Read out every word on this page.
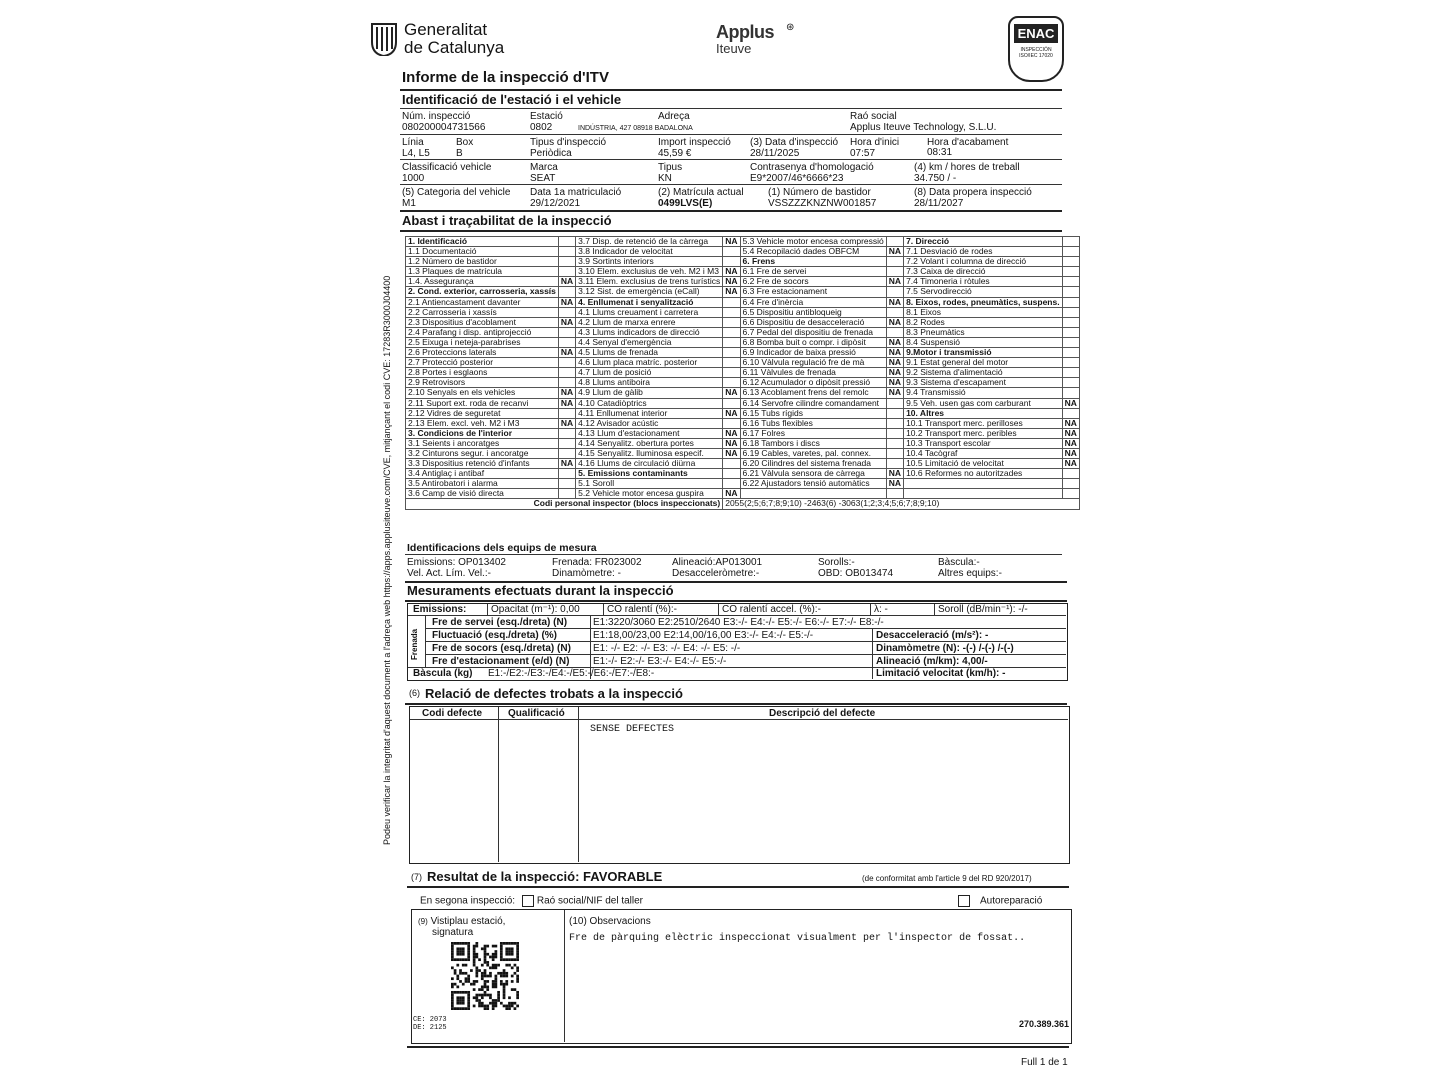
Generalitat
de Catalunya
Applus
Iteuve
⊛	ENAC
INSPECCIÓN ISO/IEC 17020
Informe de la inspecció d'ITV
Podeu verificar la integritat d'aquest document a l'adreça web https://apps.applusiteuve.com/CVE, mitjançant el codi CVE: 17283R3000J04400
Identificació de l'estació i el vehicle
Núm. inspecció
080200004731566
Estació
0802
Adreça
INDÚSTRIA, 427 08918 BADALONA
Raó social
Applus Iteuve Technology, S.L.U.
Línia
L4, L5
Box
B
Tipus d'inspecció
Periòdica
Import inspecció
45,59 €
(3) Data d'inspecció
28/11/2025
Hora d'inici
07:57
Hora d'acabament
08:31
Classificació vehicle
1000
Marca
SEAT
Tipus
KN
Contrasenya d'homologació
E9*2007/46*6666*23
(4) km / hores de treball
34.750 / -
(5) Categoria del vehicle
M1
Data 1a matriculació
29/12/2021
(2) Matrícula actual
0499LVS(E)
(1) Número de bastidor
VSSZZZKNZNW001857
(8) Data propera inspecció
28/11/2027
Abast i traçabilitat de la inspecció
1. Identificació		3.7 Disp. de retenció de la càrrega	NA	5.3 Vehicle motor encesa compressió		7. Direcció	
1.1 Documentació		3.8 Indicador de velocitat		5.4 Recopilació dades OBFCM	NA	7.1 Desviació de rodes	
1.2 Número de bastidor		3.9 Sortints interiors		6. Frens		7.2 Volant i columna de direcció	
1.3 Plaques de matrícula		3.10 Elem. exclusius de veh. M2 i M3	NA	6.1 Fre de servei		7.3 Caixa de direcció	
1.4. Assegurança	NA	3.11 Elem. exclusius de trens turístics	NA	6.2 Fre de socors	NA	7.4 Timoneria i ròtules	
2. Cond. exterior, carrosseria, xassís		3.12 Sist. de emergència (eCall)	NA	6.3 Fre estacionament		7.5 Servodirecció	
2.1 Antiencastament davanter	NA	4. Enllumenat i senyalització		6.4 Fre d'inèrcia	NA	8. Eixos, rodes, pneumàtics, suspens.	
2.2 Carrosseria i xassís		4.1 Llums creuament i carretera		6.5 Dispositiu antibloqueig		8.1 Eixos	
2.3 Dispositius d'acoblament	NA	4.2 Llum de marxa enrere		6.6 Dispositiu de desacceleració	NA	8.2 Rodes	
2.4 Parafang i disp. antiprojecció		4.3 Llums indicadors de direcció		6.7 Pedal del dispositiu de frenada		8.3 Pneumàtics	
2.5 Eixuga i neteja-parabrises		4.4 Senyal d'emergència		6.8 Bomba buit o compr. i dipòsit	NA	8.4 Suspensió	
2.6 Proteccions laterals	NA	4.5 Llums de frenada		6.9 Indicador de baixa pressió	NA	9.Motor i transmissió	
2.7 Protecció posterior		4.6 Llum placa matríc. posterior		6.10 Vàlvula regulació fre de mà	NA	9.1 Estat general del motor	
2.8 Portes i esglaons		4.7 Llum de posició		6.11 Vàlvules de frenada	NA	9.2 Sistema d'alimentació	
2.9 Retrovisors		4.8 Llums antiboira		6.12 Acumulador o dipòsit pressió	NA	9.3 Sistema d'escapament	
2.10 Senyals en els vehicles	NA	4.9 Llum de gàlib	NA	6.13 Acoblament frens del remolc	NA	9.4 Transmissió	
2.11 Suport ext. roda de recanvi	NA	4.10 Catadiòptrics		6.14 Servofre cilindre comandament		9.5 Veh. usen gas com carburant	NA
2.12 Vidres de seguretat		4.11 Enllumenat interior	NA	6.15 Tubs rígids		10. Altres	
2.13 Elem. excl. veh. M2 i M3	NA	4.12 Avisador acústic		6.16 Tubs flexibles		10.1 Transport merc. perilloses	NA
3. Condicions de l'interior		4.13 Llum d'estacionament	NA	6.17 Folres		10.2 Transport merc. peribles	NA
3.1 Seients i ancoratges		4.14 Senyalitz. obertura portes	NA	6.18 Tambors i discs		10.3 Transport escolar	NA
3.2 Cinturons segur. i ancoratge		4.15 Senyalitz. lluminosa especif.	NA	6.19 Cables, varetes, pal. connex.		10.4 Tacògraf	NA
3.3 Dispositius retenció d'infants	NA	4.16 Llums de circulació diürna		6.20 Cilindres del sistema frenada		10.5 Limitació de velocitat	NA
3.4 Antiglaç i antibaf		5. Emissions contaminants		6.21 Vàlvula sensora de càrrega	NA	10.6 Reformes no autoritzades	
3.5 Antirobatori i alarma		5.1 Soroll		6.22 Ajustadors tensió automàtics	NA		
3.6 Camp de visió directa		5.2 Vehicle motor encesa guspira	NA				
Codi personal inspector (blocs inspeccionats)			2055(2;5;6;7;8;9;10) -2463(6) -3063(1;2;3;4;5;6;7;8;9;10)				
Identificacions dels equips de mesura
Emissions: OP013402	Frenada: FR023002	Alineació:AP013001	Sorolls:-	Bàscula:-
Vel. Act. Lím. Vel.:-	Dinamòmetre: -	Desacceleròmetre:-	OBD: OB013474	Altres equips:-
Mesuraments efectuats durant la inspecció
Emissions: Opacitat (m⁻¹): 0,00	CO ralentí (%):-	CO ralentí accel. (%):-	λ: -	Soroll (dB/min⁻¹): -/-
Frenada
Fre de servei (esq./dreta) (N)	E1:3220/3060 E2:2510/2640 E3:-/- E4:-/- E5:-/- E6:-/- E7:-/- E8:-/-
Fluctuació (esq./dreta) (%)	E1:18,00/23,00 E2:14,00/16,00 E3:-/- E4:-/- E5:-/-	Desacceleració (m/s²): -
Fre de socors (esq./dreta) (N) E1: -/- E2: -/- E3: -/- E4: -/- E5: -/-	Dinamòmetre (N): -(-) /-(-) /-(-)
Fre d'estacionament (e/d) (N) E1:-/- E2:-/- E3:-/- E4:-/- E5:-/-	Alineació (m/km): 4,00/-
Bàscula (kg) E1:-/E2:-/E3:-/E4:-/E5:-/E6:-/E7:-/E8:-	Limitació velocitat (km/h): -
(6) Relació de defectes trobats a la inspecció
Codi defecte	Qualificació	Descripció del defecte
SENSE DEFECTES
(7) Resultat de la inspecció: FAVORABLE	(de conformitat amb l'article 9 del RD 920/2017)
En segona inspecció: Raó social/NIF del taller	Autoreparació
(9) Vistiplau estació,
signatura
CE: 2073
DE: 2125
(10) Observacions
Fre de pàrquing elèctric inspeccionat visualment per l'inspector de fossat..
270.389.361
Full 1 de 1
